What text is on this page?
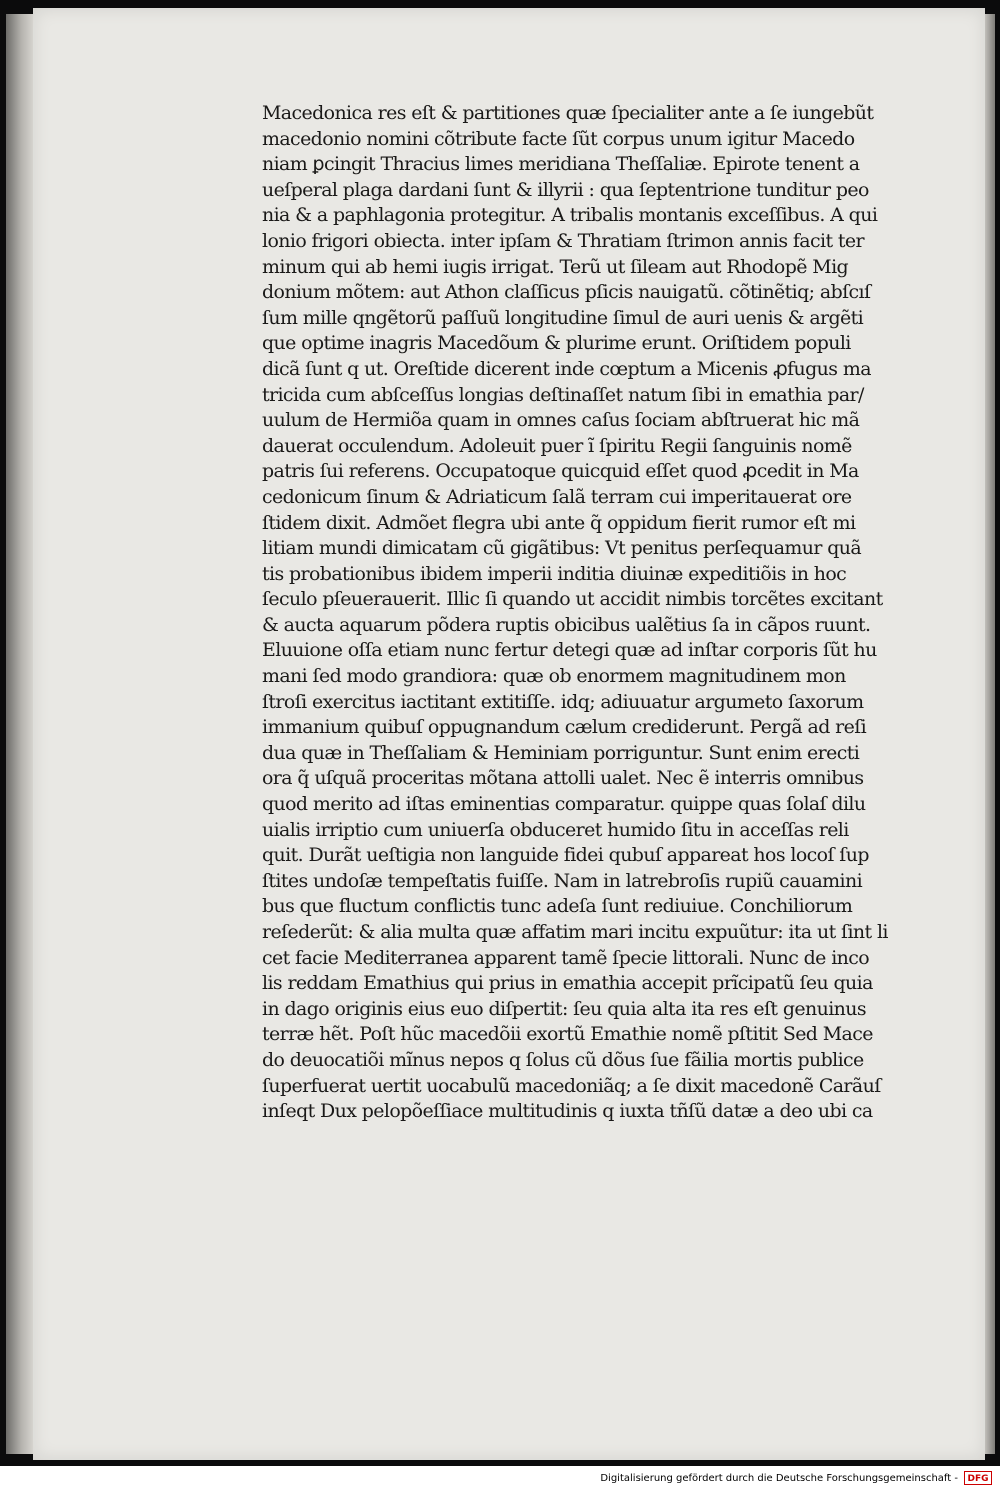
Macedonica res eſt & partitiones quæ ſpecialiter ante a ſe iungebũt
macedonio nomini cõtribute facte ſũt corpus unum igitur Macedo
niam ꝑcingit Thracius limes meridiana Theſſaliæ. Epirote tenent a
ueſperal plaga dardani ſunt & illyrii : qua ſeptentrione tunditur peo
nia & a paphlagonia protegitur. A tribalis montanis exceſſibus. A qui
lonio frigori obiecta. inter ipſam & Thratiam ſtrimon annis facit ter
minum qui ab hemi iugis irrigat. Terũ ut ſileam aut Rhodopẽ Mig
donium mõtem: aut Athon claſſicus pſicis nauigatũ. cõtinẽtiq; abſcıſ
ſum mille qngẽtorũ paſſuũ longitudine ſimul de auri uenis & argẽti
que optime inagris Macedõum & plurime erunt. Oriſtidem populi
dicã ſunt q ut. Oreſtide dicerent inde cœptum a Micenis ꝓfugus ma
tricida cum abſceſſus longias deſtinaſſet natum ſibi in emathia par/
uulum de Hermiõa quam in omnes caſus ſociam abſtruerat hic mã
dauerat occulendum. Adoleuit puer ĩ ſpiritu Regii ſanguinis nomẽ
patris ſui referens. Occupatoque quicquid eſſet quod ꝓcedit in Ma
cedonicum ſinum & Adriaticum ſalã terram cui imperitauerat ore
ſtidem dixit. Admõet flegra ubi ante q̃ oppidum fierit rumor eſt mi
litiam mundi dimicatam cũ gigãtibus: Vt penitus perſequamur quã
tis probationibus ibidem imperii inditia diuinæ expeditiõis in hoc
ſeculo pſeuerauerit. Illic ſi quando ut accidit nimbis torcẽtes excitant
& aucta aquarum põdera ruptis obicibus ualẽtius ſa in cãpos ruunt.
Eluuione oſſa etiam nunc fertur detegi quæ ad inſtar corporis ſũt hu
mani ſed modo grandiora: quæ ob enormem magnitudinem mon
ſtroſi exercitus iactitant extitiſſe. idq; adiuuatur argumeto ſaxorum
immanium quibuſ oppugnandum cælum crediderunt. Pergã ad reſi
dua quæ in Theſſaliam & Heminiam porriguntur. Sunt enim erecti
ora q̃ uſquã proceritas mõtana attolli ualet. Nec ẽ interris omnibus
quod merito ad iſtas eminentias comparatur. quippe quas ſolaſ dilu
uialis irriptio cum uniuerſa obduceret humido ſitu in acceſſas reli
quit. Durãt ueſtigia non languide fidei qubuſ appareat hos locoſ ſup
ſtites undoſæ tempeſtatis fuiſſe. Nam in latrebroſis rupiũ cauamini
bus que fluctum conflictis tunc adeſa ſunt rediuiue. Conchiliorum
reſederũt: & alia multa quæ affatim mari incitu expuũtur: ita ut ſint li
cet facie Mediterranea apparent tamẽ ſpecie littorali. Nunc de inco
lis reddam Emathius qui prius in emathia accepit prĩcipatũ ſeu quia
in dago originis eius euo diſpertit: ſeu quia alta ita res eſt genuinus
terræ hẽt. Poſt hũc macedõii exortũ Emathie nomẽ pſtitit Sed Mace
do deuocatiõi mĩnus nepos q ſolus cũ dõus ſue fãilia mortis publice
ſuperfuerat uertit uocabulũ macedoniãq; a ſe dixit macedonẽ Carãuſ
inſeqt Dux pelopõeſſiace multitudinis q iuxta tñſũ datæ a deo ubi ca
Digitalisierung gefördert durch die Deutsche Forschungsgemeinschaft -	DFG
